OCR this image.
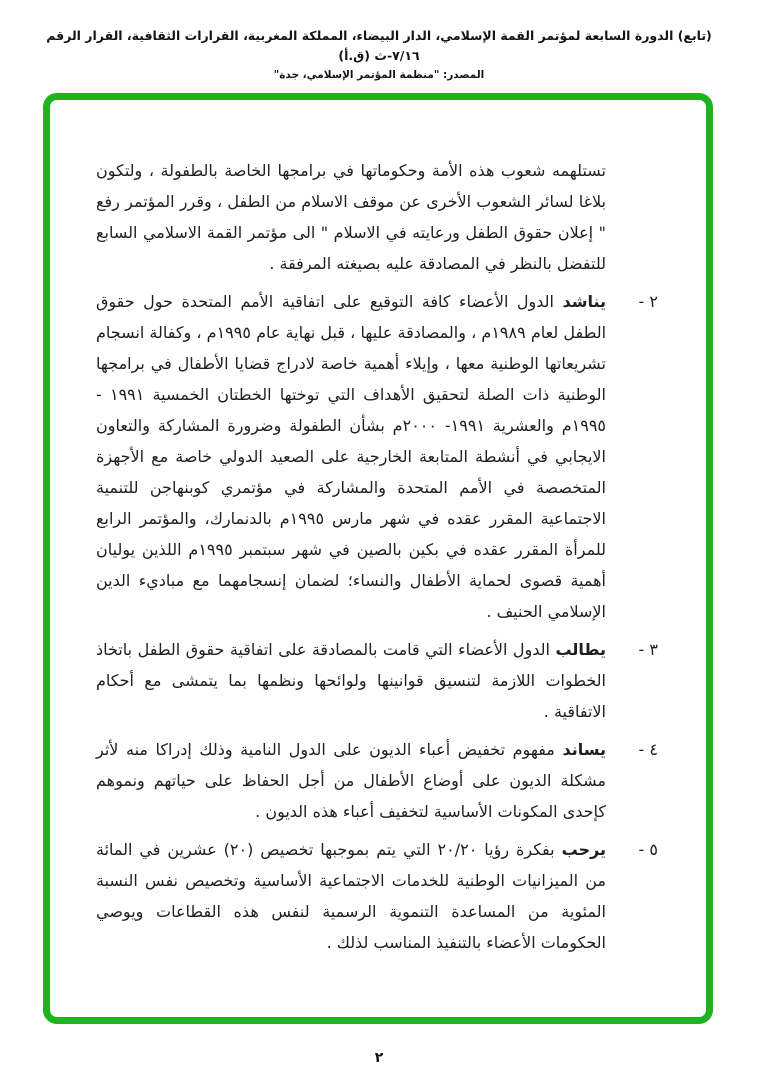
(تابع) الدورة السابعة لمؤتمر القمة الإسلامي، الدار البيضاء، المملكة المغربية، القرارات الثقافية، القرار الرقم ٧/١٦-ث (ق.أ)
المصدر: "منظمة المؤتمر الإسلامي، جدة"

تستلهمه شعوب هذه الأمة وحكوماتها في برامجها الخاصة بالطفولة ، ولتكون بلاغا لسائر الشعوب الأخرى عن موقف الاسلام من الطفل ، وقرر المؤتمر رفع " إعلان حقوق الطفل ورعايته في الاسلام " الى مؤتمر القمة الاسلامي السابع للتفضل بالنظر في المصادقة عليه بصيغته المرفقة .

٢ -
يناشد الدول الأعضاء كافة التوقيع على اتفاقية الأمم المتحدة حول حقوق الطفل لعام ١٩٨٩م ، والمصادقة عليها ، قبل نهاية عام ١٩٩٥م ، وكفالة انسجام تشريعاتها الوطنية معها ، وإيلاء أهمية خاصة لادراج قضايا الأطفال في برامجها الوطنية ذات الصلة لتحقيق الأهداف التي توختها الخطتان الخمسية ١٩٩١ - ١٩٩٥م والعشرية ١٩٩١- ٢٠٠٠م بشأن الطفولة وضرورة المشاركة والتعاون الايجابي في أنشطة المتابعة الخارجية على الصعيد الدولي خاصة مع الأجهزة المتخصصة في الأمم المتحدة والمشاركة في مؤتمري كوبنهاجن للتنمية الاجتماعية المقرر عقده في شهر مارس ١٩٩٥م بالدنمارك، والمؤتمر الرابع للمرأة المقرر عقده في بكين بالصين في شهر سبتمبر ١٩٩٥م اللذين يوليان أهمية قصوى لحماية الأطفال والنساء؛ لضمان إنسجامهما مع مباديء الدين الإسلامي الحنيف .
٣ -
يطالب الدول الأعضاء التي قامت بالمصادقة على اتفاقية حقوق الطفل باتخاذ الخطوات اللازمة لتنسيق قوانينها ولوائحها ونظمها بما يتمشى مع أحكام الاتفاقية .
٤ -
يساند مفهوم تخفيض أعباء الديون على الدول النامية وذلك إدراكا منه لأثر مشكلة الديون على أوضاع الأطفال من أجل الحفاظ على حياتهم ونموهم كإحدى المكونات الأساسية لتخفيف أعباء هذه الديون .
٥ -
يرحب بفكرة رؤيا ٢٠/٢٠ التي يتم بموجبها تخصيص (٢٠) عشرين في المائة من الميزانيات الوطنية للخدمات الاجتماعية الأساسية وتخصيص نفس النسبة المئوية من المساعدة التنموية الرسمية لنفس هذه القطاعات ويوصي الحكومات الأعضاء بالتنفيذ المناسب لذلك .
٢
